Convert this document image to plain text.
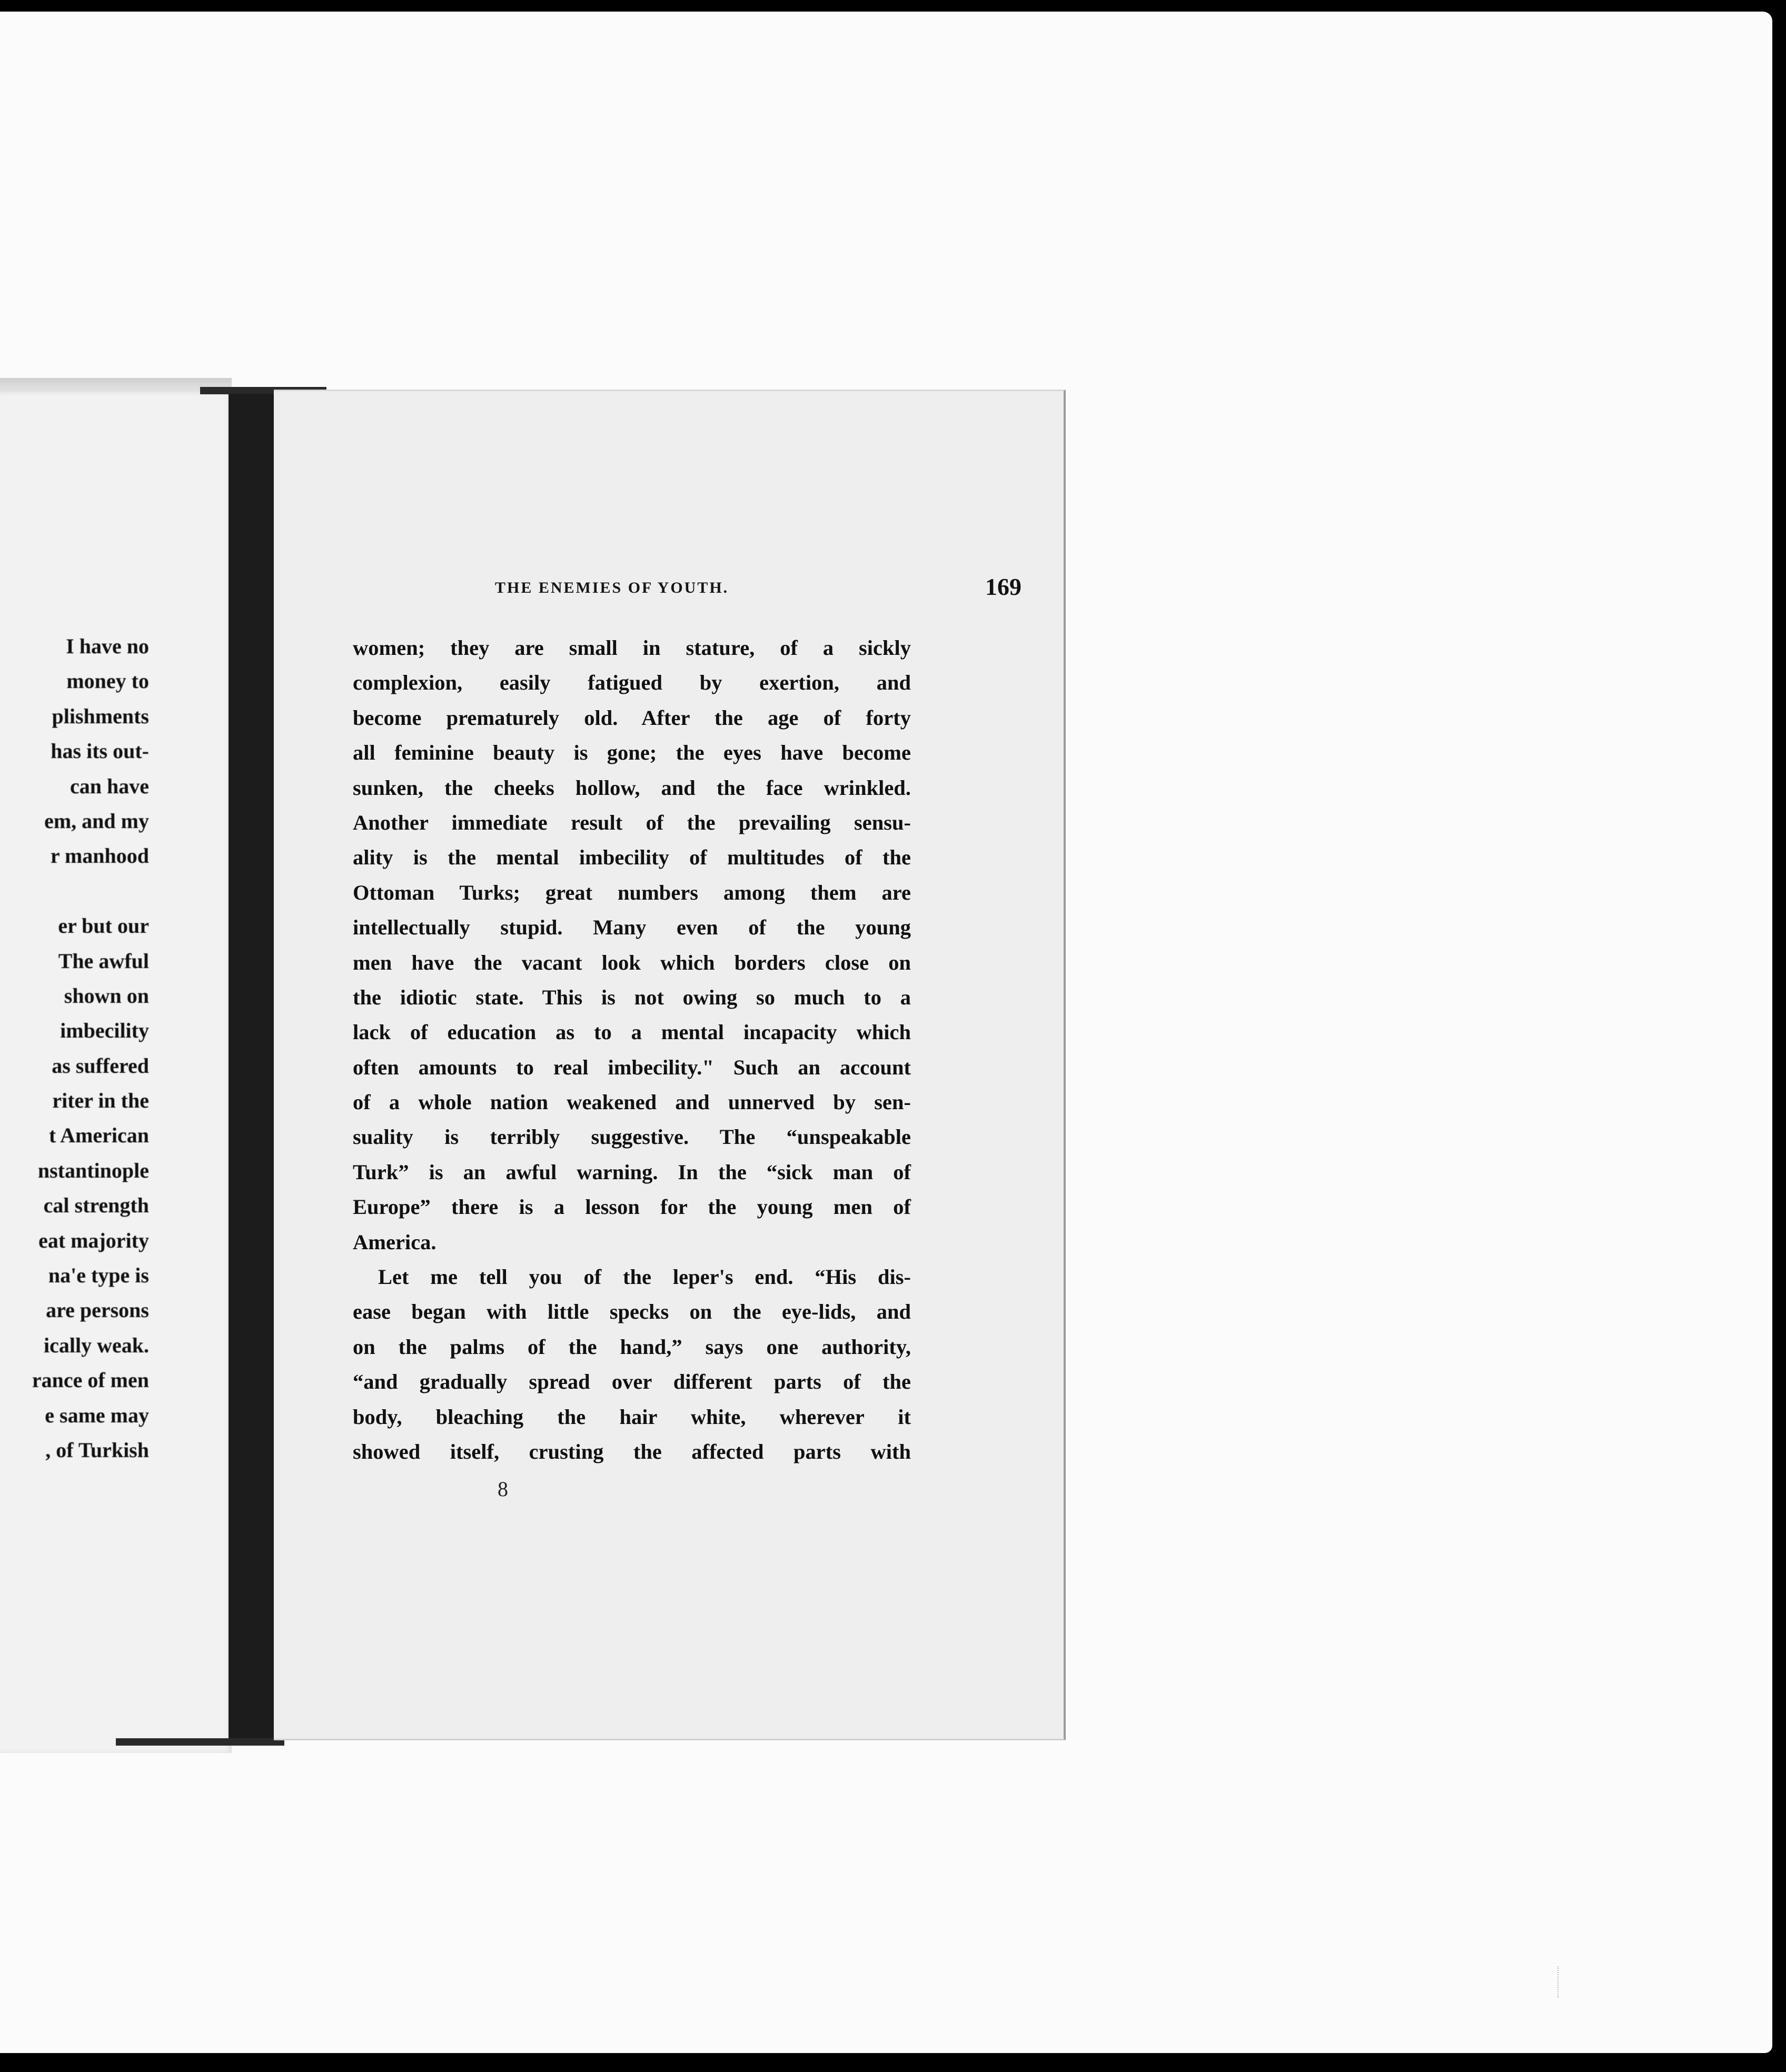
I have no
money to
plishments
has its out-
can have
em, and my
r manhood
er but our
The awful
shown on
imbecility
as suffered
riter in the
t American
nstantinople
cal strength
eat majority
na'e type is
are persons
ically weak.
rance of men
e same may
, of Turkish
THE ENEMIES OF YOUTH.	169
women; they are small in stature, of a sickly
complexion, easily fatigued by exertion, and
become prematurely old. After the age of forty
all feminine beauty is gone; the eyes have become
sunken, the cheeks hollow, and the face wrinkled.
Another immediate result of the prevailing sensu-
ality is the mental imbecility of multitudes of the
Ottoman Turks; great numbers among them are
intellectually stupid. Many even of the young
men have the vacant look which borders close on
the idiotic state. This is not owing so much to a
lack of education as to a mental incapacity which
often amounts to real imbecility." Such an account
of a whole nation weakened and unnerved by sen-
suality is terribly suggestive. The “unspeakable
Turk” is an awful warning. In the “sick man of
Europe” there is a lesson for the young men of
America.
Let me tell you of the leper's end. “His dis-
ease began with little specks on the eye-lids, and
on the palms of the hand,” says one authority,
“and gradually spread over different parts of the
body, bleaching the hair white, wherever it
showed itself, crusting the affected parts with
8
